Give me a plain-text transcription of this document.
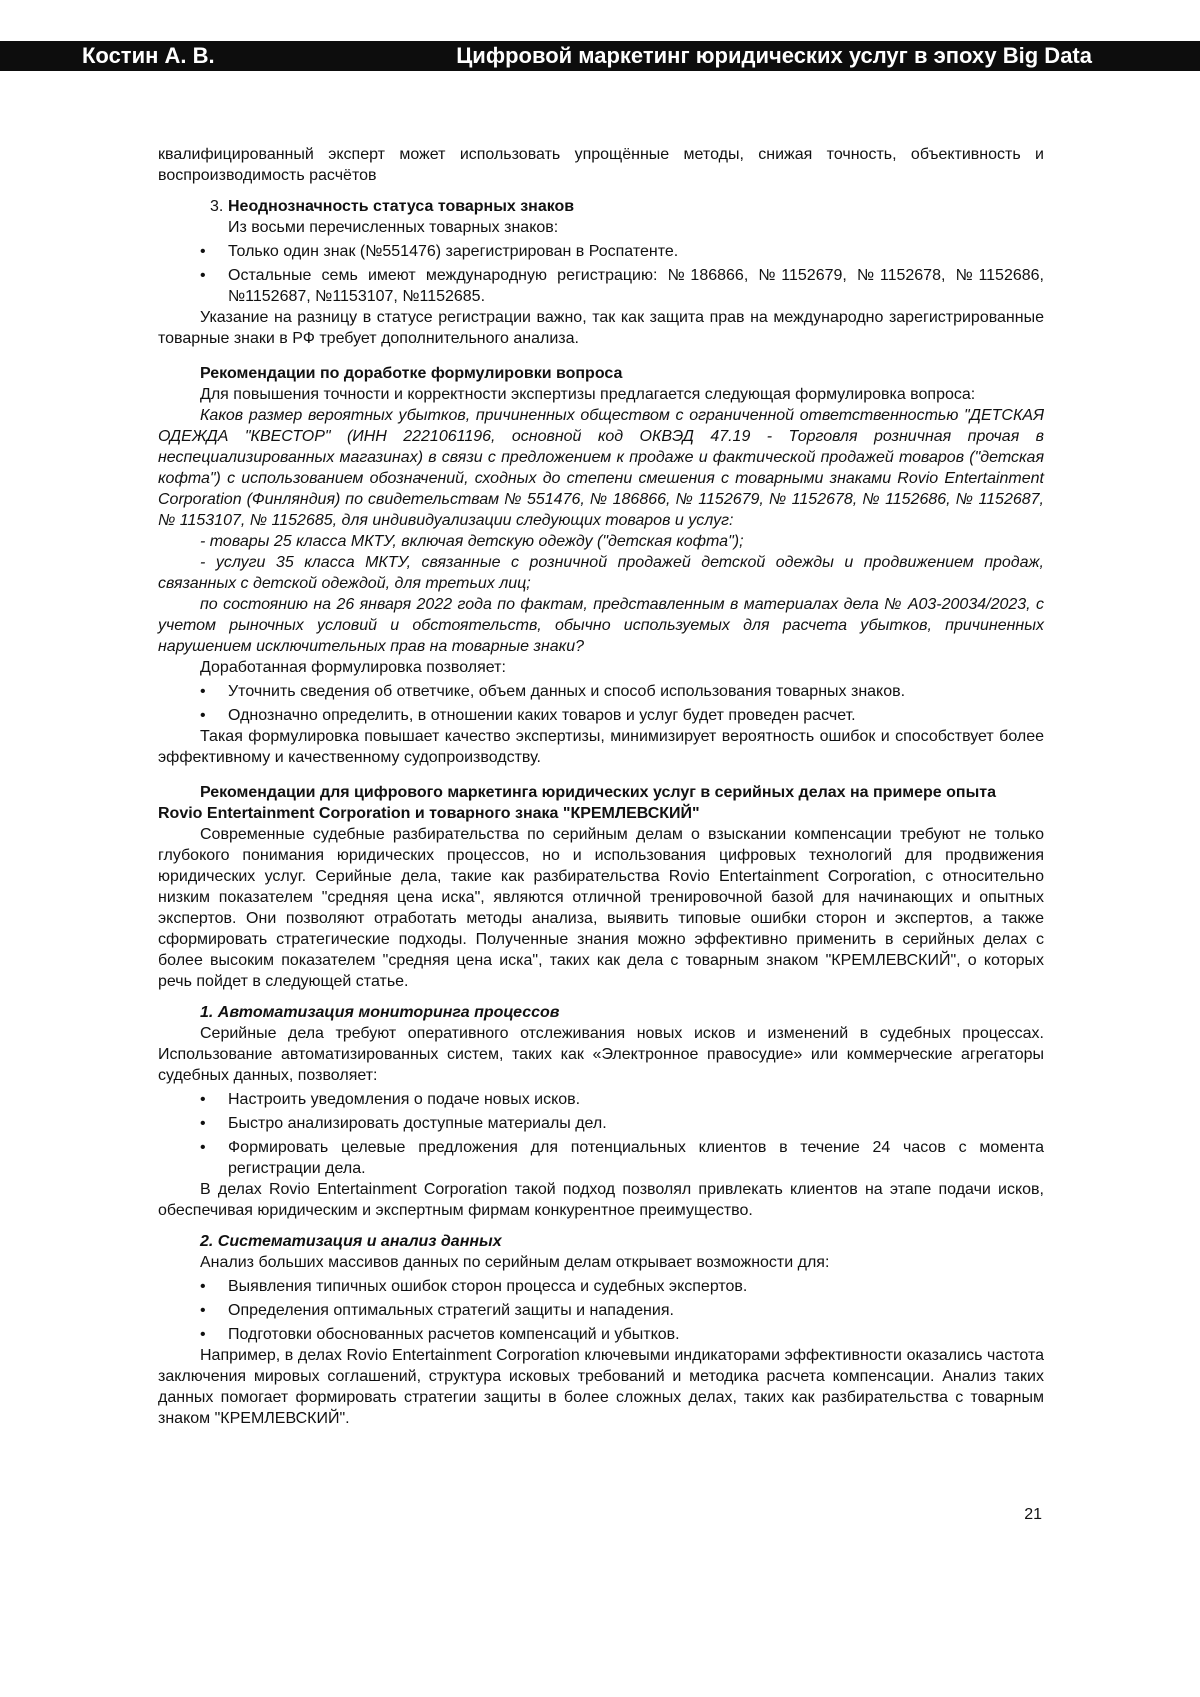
Костин А. В.	Цифровой маркетинг юридических услуг в эпоху Big Data

квалифицированный эксперт может использовать упрощённые методы, снижая точность, объективность и воспроизводимость расчётов

3. Неоднозначность статуса товарных знаков
Из восьми перечисленных товарных знаков:
• Только один знак (№551476) зарегистрирован в Роспатенте.
• Остальные семь имеют международную регистрацию: №186866, №1152679, №1152678, №1152686, №1152687, №1153107, №1152685.

Указание на разницу в статусе регистрации важно, так как защита прав на международно зарегистрированные товарные знаки в РФ требует дополнительного анализа.

Рекомендации по доработке формулировки вопроса

Для повышения точности и корректности экспертизы предлагается следующая формулировка вопроса:

Каков размер вероятных убытков, причиненных обществом с ограниченной ответственностью "ДЕТСКАЯ ОДЕЖДА "КВЕСТОР" (ИНН 2221061196, основной код ОКВЭД 47.19 - Торговля розничная прочая в неспециализированных магазинах) в связи с предложением к продаже и фактической продажей товаров ("детская кофта") с использованием обозначений, сходных до степени смешения с товарными знаками Rovio Entertainment Corporation (Финляндия) по свидетельствам № 551476, № 186866, № 1152679, № 1152678, № 1152686, № 1152687, № 1153107, № 1152685, для индивидуализации следующих товаров и услуг:

- товары 25 класса МКТУ, включая детскую одежду ("детская кофта");

- услуги 35 класса МКТУ, связанные с розничной продажей детской одежды и продвижением продаж, связанных с детской одеждой, для третьих лиц;

по состоянию на 26 января 2022 года по фактам, представленным в материалах дела № А03-20034/2023, с учетом рыночных условий и обстоятельств, обычно используемых для расчета убытков, причиненных нарушением исключительных прав на товарные знаки?

Доработанная формулировка позволяет:

• Уточнить сведения об ответчике, объем данных и способ использования товарных знаков.
• Однозначно определить, в отношении каких товаров и услуг будет проведен расчет.

Такая формулировка повышает качество экспертизы, минимизирует вероятность ошибок и способствует более эффективному и качественному судопроизводству.

Рекомендации для цифрового маркетинга юридических услуг в серийных делах на примере опыта Rovio Entertainment Corporation и товарного знака "КРЕМЛЕВСКИЙ"

Современные судебные разбирательства по серийным делам о взыскании компенсации требуют не только глубокого понимания юридических процессов, но и использования цифровых технологий для продвижения юридических услуг. Серийные дела, такие как разбирательства Rovio Entertainment Corporation, с относительно низким показателем "средняя цена иска", являются отличной тренировочной базой для начинающих и опытных экспертов. Они позволяют отработать методы анализа, выявить типовые ошибки сторон и экспертов, а также сформировать стратегические подходы. Полученные знания можно эффективно применить в серийных делах с более высоким показателем "средняя цена иска", таких как дела с товарным знаком "КРЕМЛЕВСКИЙ", о которых речь пойдет в следующей статье.

1. Автоматизация мониторинга процессов

Серийные дела требуют оперативного отслеживания новых исков и изменений в судебных процессах. Использование автоматизированных систем, таких как «Электронное правосудие» или коммерческие агрегаторы судебных данных, позволяет:

• Настроить уведомления о подаче новых исков.
• Быстро анализировать доступные материалы дел.
• Формировать целевые предложения для потенциальных клиентов в течение 24 часов с момента регистрации дела.

В делах Rovio Entertainment Corporation такой подход позволял привлекать клиентов на этапе подачи исков, обеспечивая юридическим и экспертным фирмам конкурентное преимущество.

2. Систематизация и анализ данных

Анализ больших массивов данных по серийным делам открывает возможности для:

• Выявления типичных ошибок сторон процесса и судебных экспертов.
• Определения оптимальных стратегий защиты и нападения.
• Подготовки обоснованных расчетов компенсаций и убытков.

Например, в делах Rovio Entertainment Corporation ключевыми индикаторами эффективности оказались частота заключения мировых соглашений, структура исковых требований и методика расчета компенсации. Анализ таких данных помогает формировать стратегии защиты в более сложных делах, таких как разбирательства с товарным знаком "КРЕМЛЕВСКИЙ".

21
